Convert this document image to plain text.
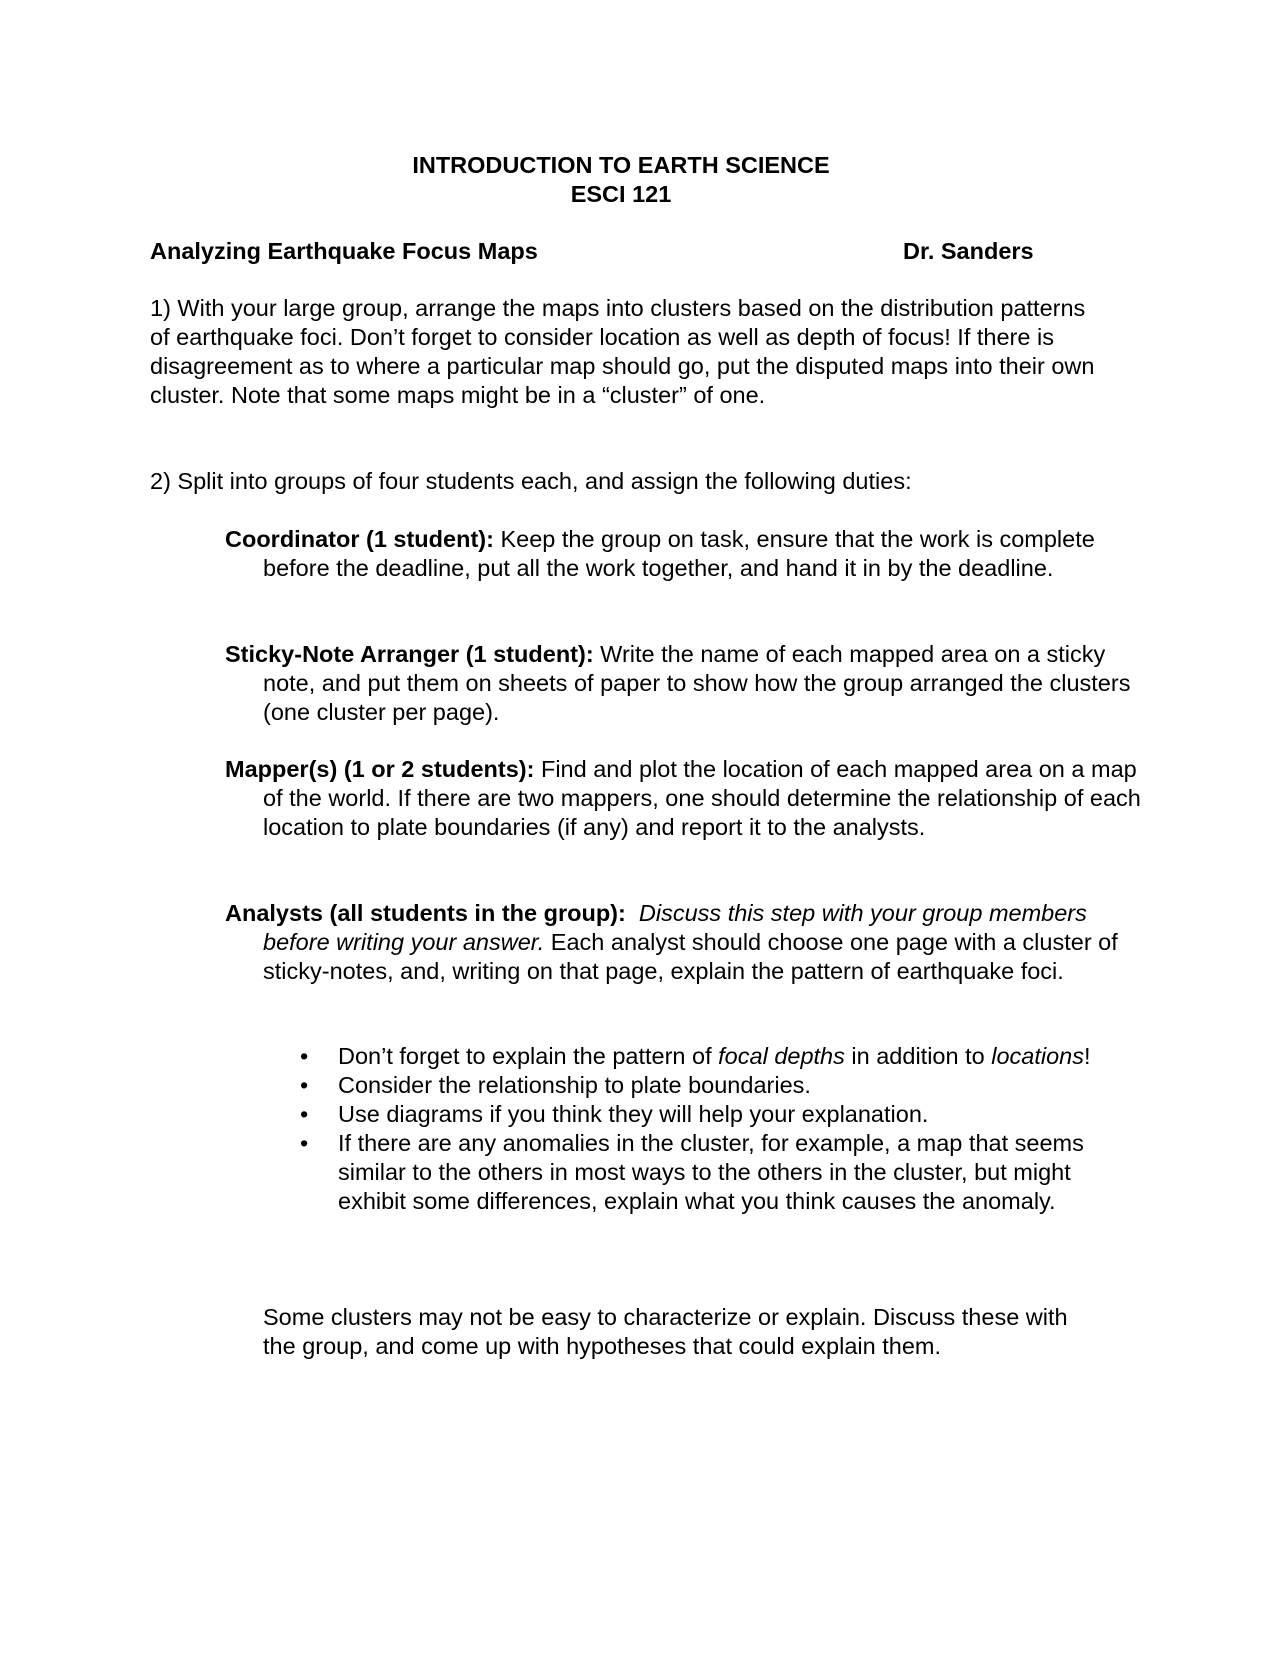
INTRODUCTION TO EARTH SCIENCE
ESCI 121
Analyzing Earthquake Focus Maps	Dr. Sanders
1) With your large group, arrange the maps into clusters based on the distribution patterns of earthquake foci. Don’t forget to consider location as well as depth of focus! If there is disagreement as to where a particular map should go, put the disputed maps into their own cluster. Note that some maps might be in a “cluster” of one.
2) Split into groups of four students each, and assign the following duties:
Coordinator (1 student): Keep the group on task, ensure that the work is complete before the deadline, put all the work together, and hand it in by the deadline.
Sticky-Note Arranger (1 student): Write the name of each mapped area on a sticky note, and put them on sheets of paper to show how the group arranged the clusters (one cluster per page).
Mapper(s) (1 or 2 students): Find and plot the location of each mapped area on a map of the world. If there are two mappers, one should determine the relationship of each location to plate boundaries (if any) and report it to the analysts.
Analysts (all students in the group): Discuss this step with your group members before writing your answer. Each analyst should choose one page with a cluster of sticky-notes, and, writing on that page, explain the pattern of earthquake foci.
• Don’t forget to explain the pattern of focal depths in addition to locations!
• Consider the relationship to plate boundaries.
• Use diagrams if you think they will help your explanation.
• If there are any anomalies in the cluster, for example, a map that seems similar to the others in most ways to the others in the cluster, but might exhibit some differences, explain what you think causes the anomaly.
Some clusters may not be easy to characterize or explain. Discuss these with the group, and come up with hypotheses that could explain them.
